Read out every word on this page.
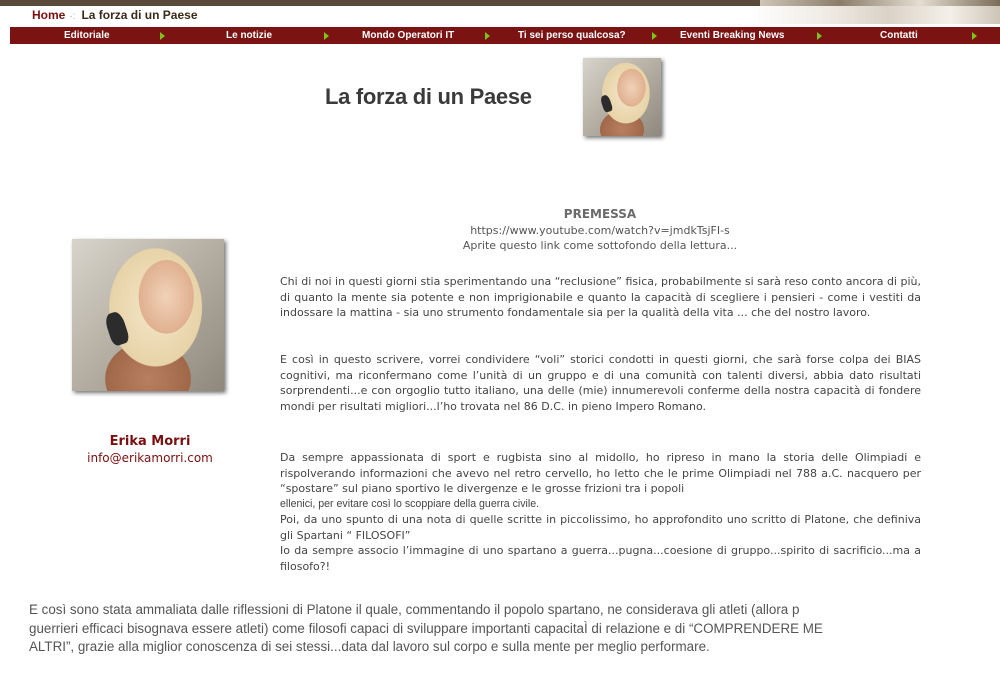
Home ·: La forza di un Paese
Editoriale	Le notizie	Mondo Operatori IT	Ti sei perso qualcosa?	Eventi Breaking News	Contatti
La forza di un Paese
Erika Morri
info@erikamorri.com
PREMESSA
https://www.youtube.com/watch?v=jmdkTsjFI-s
Aprite questo link come sottofondo della lettura...
Chi di noi in questi giorni stia sperimentando una “reclusione” fisica, probabilmente si sarà reso conto ancora di più, di quanto la mente sia potente e non imprigionabile e quanto la capacità di scegliere i pensieri - come i vestiti da indossare la mattina - sia uno strumento fondamentale sia per la qualità della vita ... che del nostro lavoro.
E così in questo scrivere, vorrei condividere “voli” storici condotti in questi giorni, che sarà forse colpa dei BIAS cognitivi, ma riconfermano come l’unità di un gruppo e di una comunità con talenti diversi, abbia dato risultati sorprendenti...e con orgoglio tutto italiano, una delle (mie) innumerevoli conferme della nostra capacità di fondere mondi per risultati migliori...l’ho trovata nel 86 D.C. in pieno Impero Romano.
Da sempre appassionata di sport e rugbista sino al midollo, ho ripreso in mano la storia delle Olimpiadi e rispolverando informazioni che avevo nel retro cervello, ho letto che le prime Olimpiadi nel 788 a.C. nacquero per “spostare” sul piano sportivo le divergenze e le grosse frizioni tra i popoli
ellenici, per evitare così lo scoppiare della guerra civile.
Poi, da uno spunto di una nota di quelle scritte in piccolissimo, ho approfondito uno scritto di Platone, che definiva gli Spartani “ FILOSOFI”
Io da sempre associo l’immagine di uno spartano a guerra...pugna...coesione di gruppo...spirito di sacrificio...ma a filosofo?!
E così sono stata ammaliata dalle riflessioni di Platone il quale, commentando il popolo spartano, ne considerava gli atleti (allora p
guerrieri efficaci bisognava essere atleti) come filosofi capaci di sviluppare importanti capacitaÌ di relazione e di “COMPRENDERE ME
ALTRI”, grazie alla miglior conoscenza di sei stessi...data dal lavoro sul corpo e sulla mente per meglio performare.
